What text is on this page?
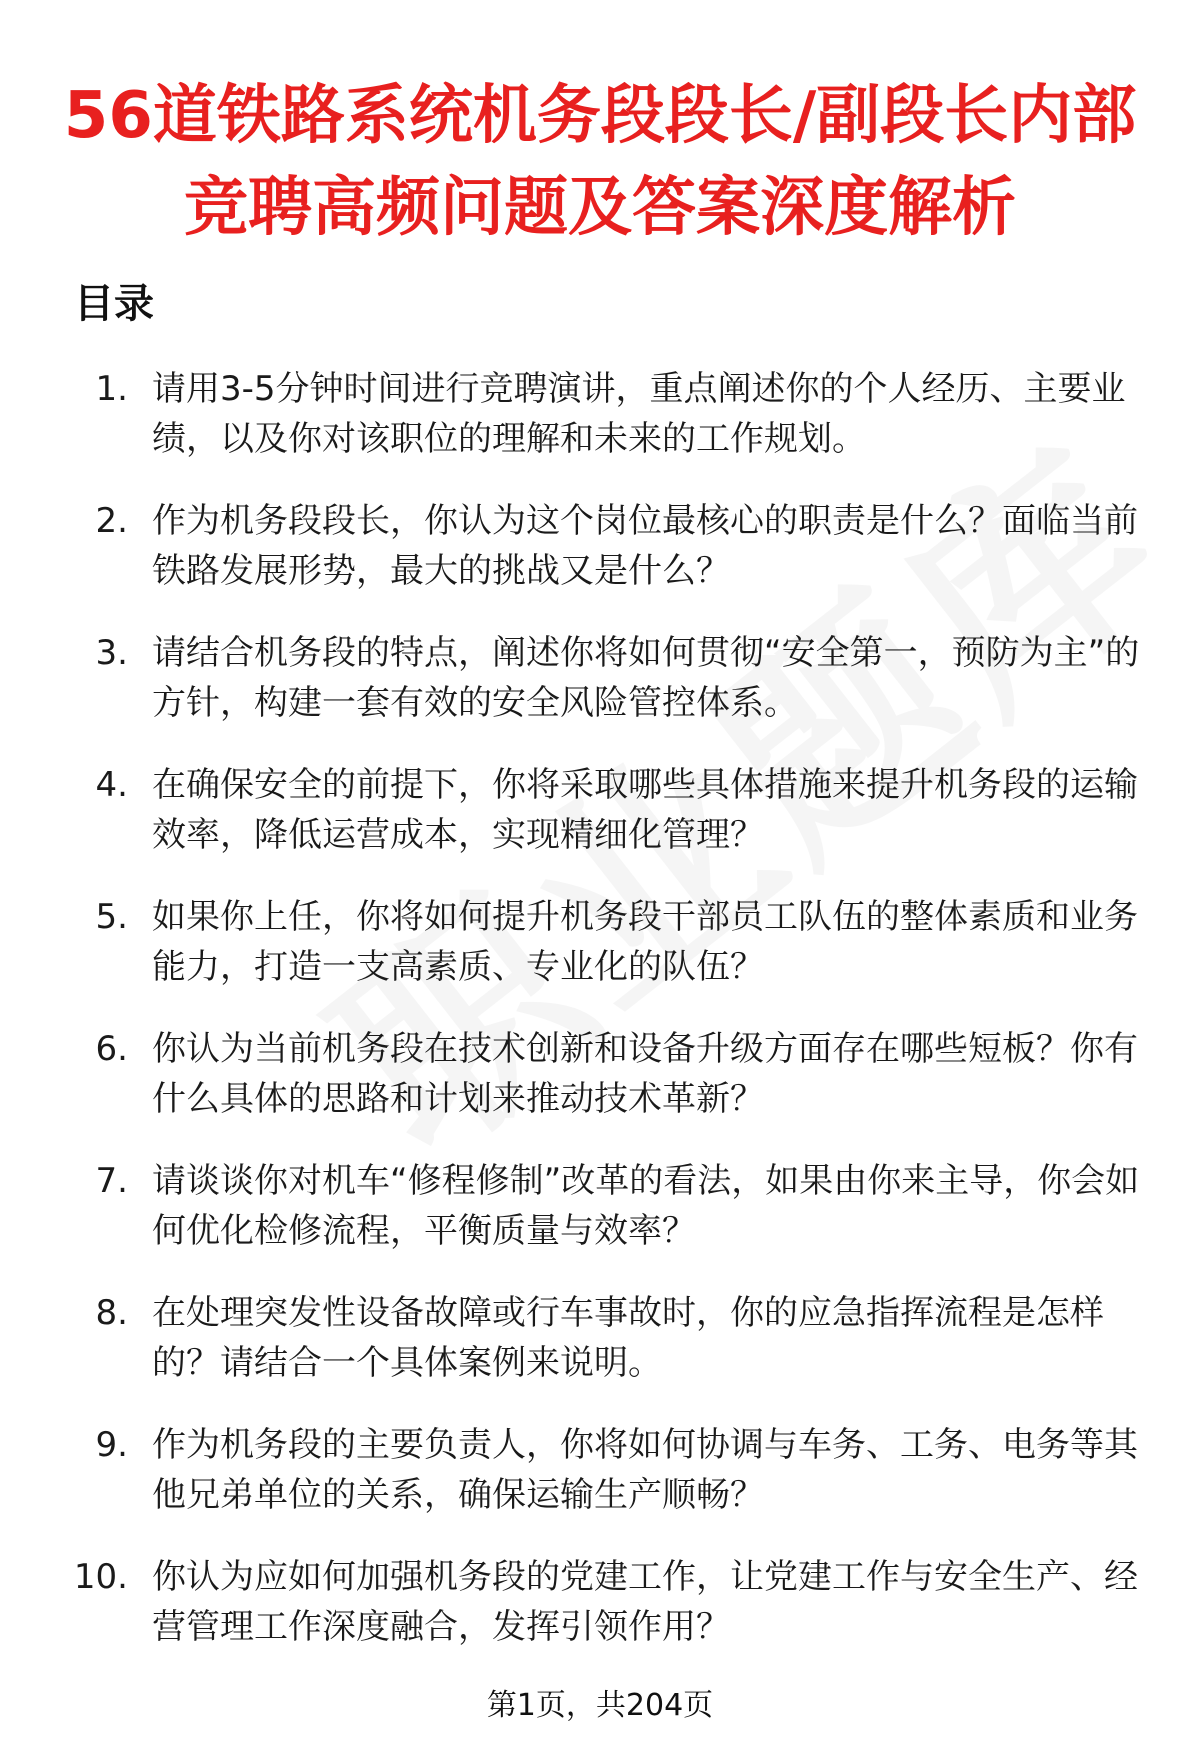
56道铁路系统机务段段长/副段长内部竞聘高频问题及答案深度解析
目录
1. 请用3-5分钟时间进行竞聘演讲，重点阐述你的个人经历、主要业绩，以及你对该职位的理解和未来的工作规划。
2. 作为机务段段长，你认为这个岗位最核心的职责是什么？面临当前铁路发展形势，最大的挑战又是什么？
3. 请结合机务段的特点，阐述你将如何贯彻“安全第一，预防为主”的方针，构建一套有效的安全风险管控体系。
4. 在确保安全的前提下，你将采取哪些具体措施来提升机务段的运输效率，降低运营成本，实现精细化管理？
5. 如果你上任，你将如何提升机务段干部员工队伍的整体素质和业务能力，打造一支高素质、专业化的队伍？
6. 你认为当前机务段在技术创新和设备升级方面存在哪些短板？你有什么具体的思路和计划来推动技术革新？
7. 请谈谈你对机车“修程修制”改革的看法，如果由你来主导，你会如何优化检修流程，平衡质量与效率？
8. 在处理突发性设备故障或行车事故时，你的应急指挥流程是怎样的？请结合一个具体案例来说明。
9. 作为机务段的主要负责人，你将如何协调与车务、工务、电务等其他兄弟单位的关系，确保运输生产顺畅？
10. 你认为应如何加强机务段的党建工作，让党建工作与安全生产、经营管理工作深度融合，发挥引领作用？
第1页，共204页
